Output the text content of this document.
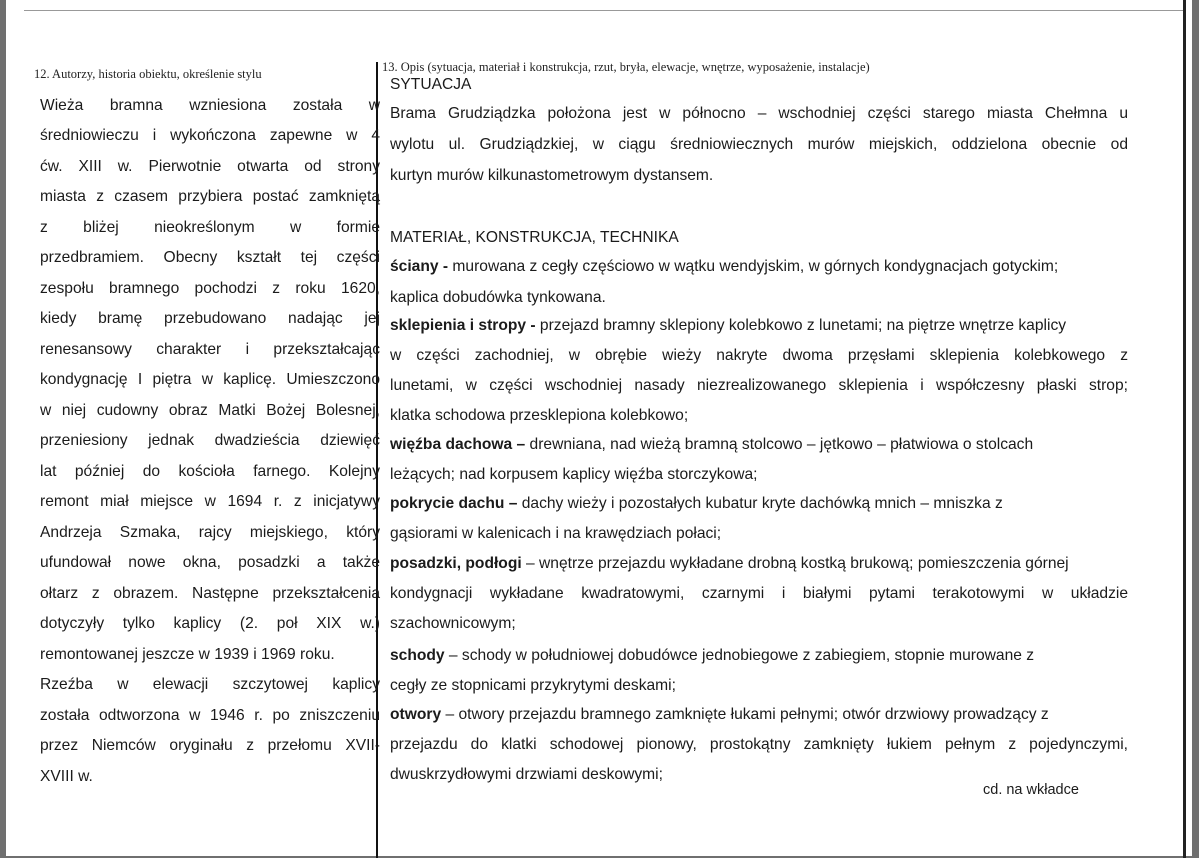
12. Autorzy, historia obiektu, określenie stylu	13. Opis (sytuacja, materiał i konstrukcja, rzut, bryła, elewacje, wnętrze, wyposażenie, instalacje)

Wieża bramna wzniesiona została w

średniowieczu i wykończona zapewne w 4

ćw. XIII w. Pierwotnie otwarta od strony

miasta z czasem przybiera postać zamkniętą

z bliżej nieokreślonym w formie

przedbramiem. Obecny kształt tej części

zespołu bramnego pochodzi z roku 1620,

kiedy bramę przebudowano nadając jej

renesansowy charakter i przekształcając

kondygnację I piętra w kaplicę. Umieszczono

w niej cudowny obraz Matki Bożej Bolesnej,

przeniesiony jednak dwadzieścia dziewięć

lat później do kościoła farnego. Kolejny

remont miał miejsce w 1694 r. z inicjatywy

Andrzeja Szmaka, rajcy miejskiego, który

ufundował nowe okna, posadzki a także

ołtarz z obrazem. Następne przekształcenia

dotyczyły tylko kaplicy (2. poł XIX w.)

remontowanej jeszcze w 1939 i 1969 roku.

Rzeźba w elewacji szczytowej kaplicy

została odtworzona w 1946 r. po zniszczeniu

przez Niemców oryginału z przełomu XVII-

XVIII w.

SYTUACJA
Brama Grudziądzka położona jest w północno – wschodniej części starego miasta Chełmna u
wylotu ul. Grudziądzkiej, w ciągu średniowiecznych murów miejskich, oddzielona obecnie od
kurtyn murów kilkunastometrowym dystansem.
MATERIAŁ, KONSTRUKCJA, TECHNIKA
ściany - murowana z cegły częściowo w wątku wendyjskim, w górnych kondygnacjach gotyckim;
kaplica dobudówka tynkowana.
sklepienia i stropy - przejazd bramny sklepiony kolebkowo z lunetami; na piętrze wnętrze kaplicy
w części zachodniej, w obrębie wieży nakryte dwoma przęsłami sklepienia kolebkowego z
lunetami, w części wschodniej nasady niezrealizowanego sklepienia i współczesny płaski strop;
klatka schodowa przesklepiona kolebkowo;
więźba dachowa – drewniana, nad wieżą bramną stolcowo – jętkowo – płatwiowa o stolcach
leżących; nad korpusem kaplicy więźba storczykowa;
pokrycie dachu – dachy wieży i pozostałych kubatur kryte dachówką mnich – mniszka z
gąsiorami w kalenicach i na krawędziach połaci;
posadzki, podłogi – wnętrze przejazdu wykładane drobną kostką brukową; pomieszczenia górnej
kondygnacji wykładane kwadratowymi, czarnymi i białymi pytami terakotowymi w układzie
szachownicowym;
schody – schody w południowej dobudówce jednobiegowe z zabiegiem, stopnie murowane z
cegły ze stopnicami przykrytymi deskami;
otwory – otwory przejazdu bramnego zamknięte łukami pełnymi; otwór drzwiowy prowadzący z
przejazdu do klatki schodowej pionowy, prostokątny zamknięty łukiem pełnym z pojedynczymi,
dwuskrzydłowymi drzwiami deskowymi;
cd. na wkładce
